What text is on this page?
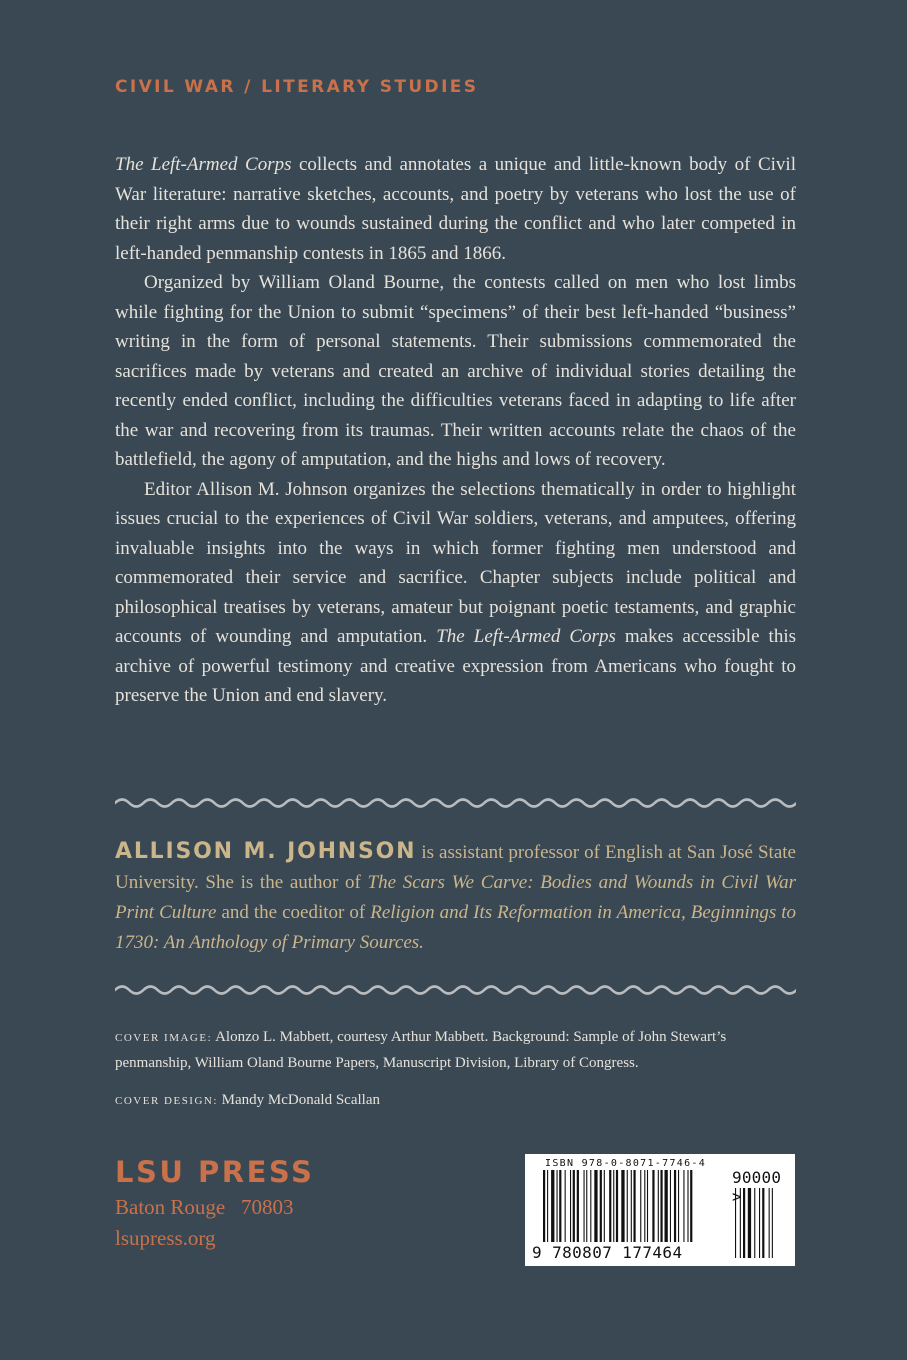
CIVIL WAR / LITERARY STUDIES

The Left-Armed Corps collects and annotates a unique and little-known body of Civil War literature: narrative sketches, accounts, and poetry by veterans who lost the use of their right arms due to wounds sustained during the conflict and who later competed in left-handed penmanship contests in 1865 and 1866.

Organized by William Oland Bourne, the contests called on men who lost limbs while fighting for the Union to submit “specimens” of their best left-handed “business” writing in the form of personal statements. Their submissions commemorated the sacrifices made by veterans and created an archive of individual stories detailing the recently ended conflict, including the difficulties veterans faced in adapting to life after the war and recovering from its traumas. Their written accounts relate the chaos of the battlefield, the agony of amputation, and the highs and lows of recovery.

Editor Allison M. Johnson organizes the selections thematically in order to highlight issues crucial to the experiences of Civil War soldiers, veterans, and amputees, offering invaluable insights into the ways in which former fighting men understood and commemorated their service and sacrifice. Chapter subjects include political and philosophical treatises by veterans, amateur but poignant poetic testaments, and graphic accounts of wounding and amputation. The Left-Armed Corps makes accessible this archive of powerful testimony and creative expression from Americans who fought to preserve the Union and end slavery.

ALLISON M. JOHNSON is assistant professor of English at San José State University. She is the author of The Scars We Carve: Bodies and Wounds in Civil War Print Culture and the coeditor of Religion and Its Reformation in America, Beginnings to 1730: An Anthology of Primary Sources.

COVER IMAGE: Alonzo L. Mabbett, courtesy Arthur Mabbett. Background: Sample of John Stewart’s penmanship, William Oland Bourne Papers, Manuscript Division, Library of Congress.

COVER DESIGN: Mandy McDonald Scallan

LSU PRESS
Baton Rouge   70803
lsupress.org
ISBN 978-0-8071-7746-4
90000 >
9 780807 177464
